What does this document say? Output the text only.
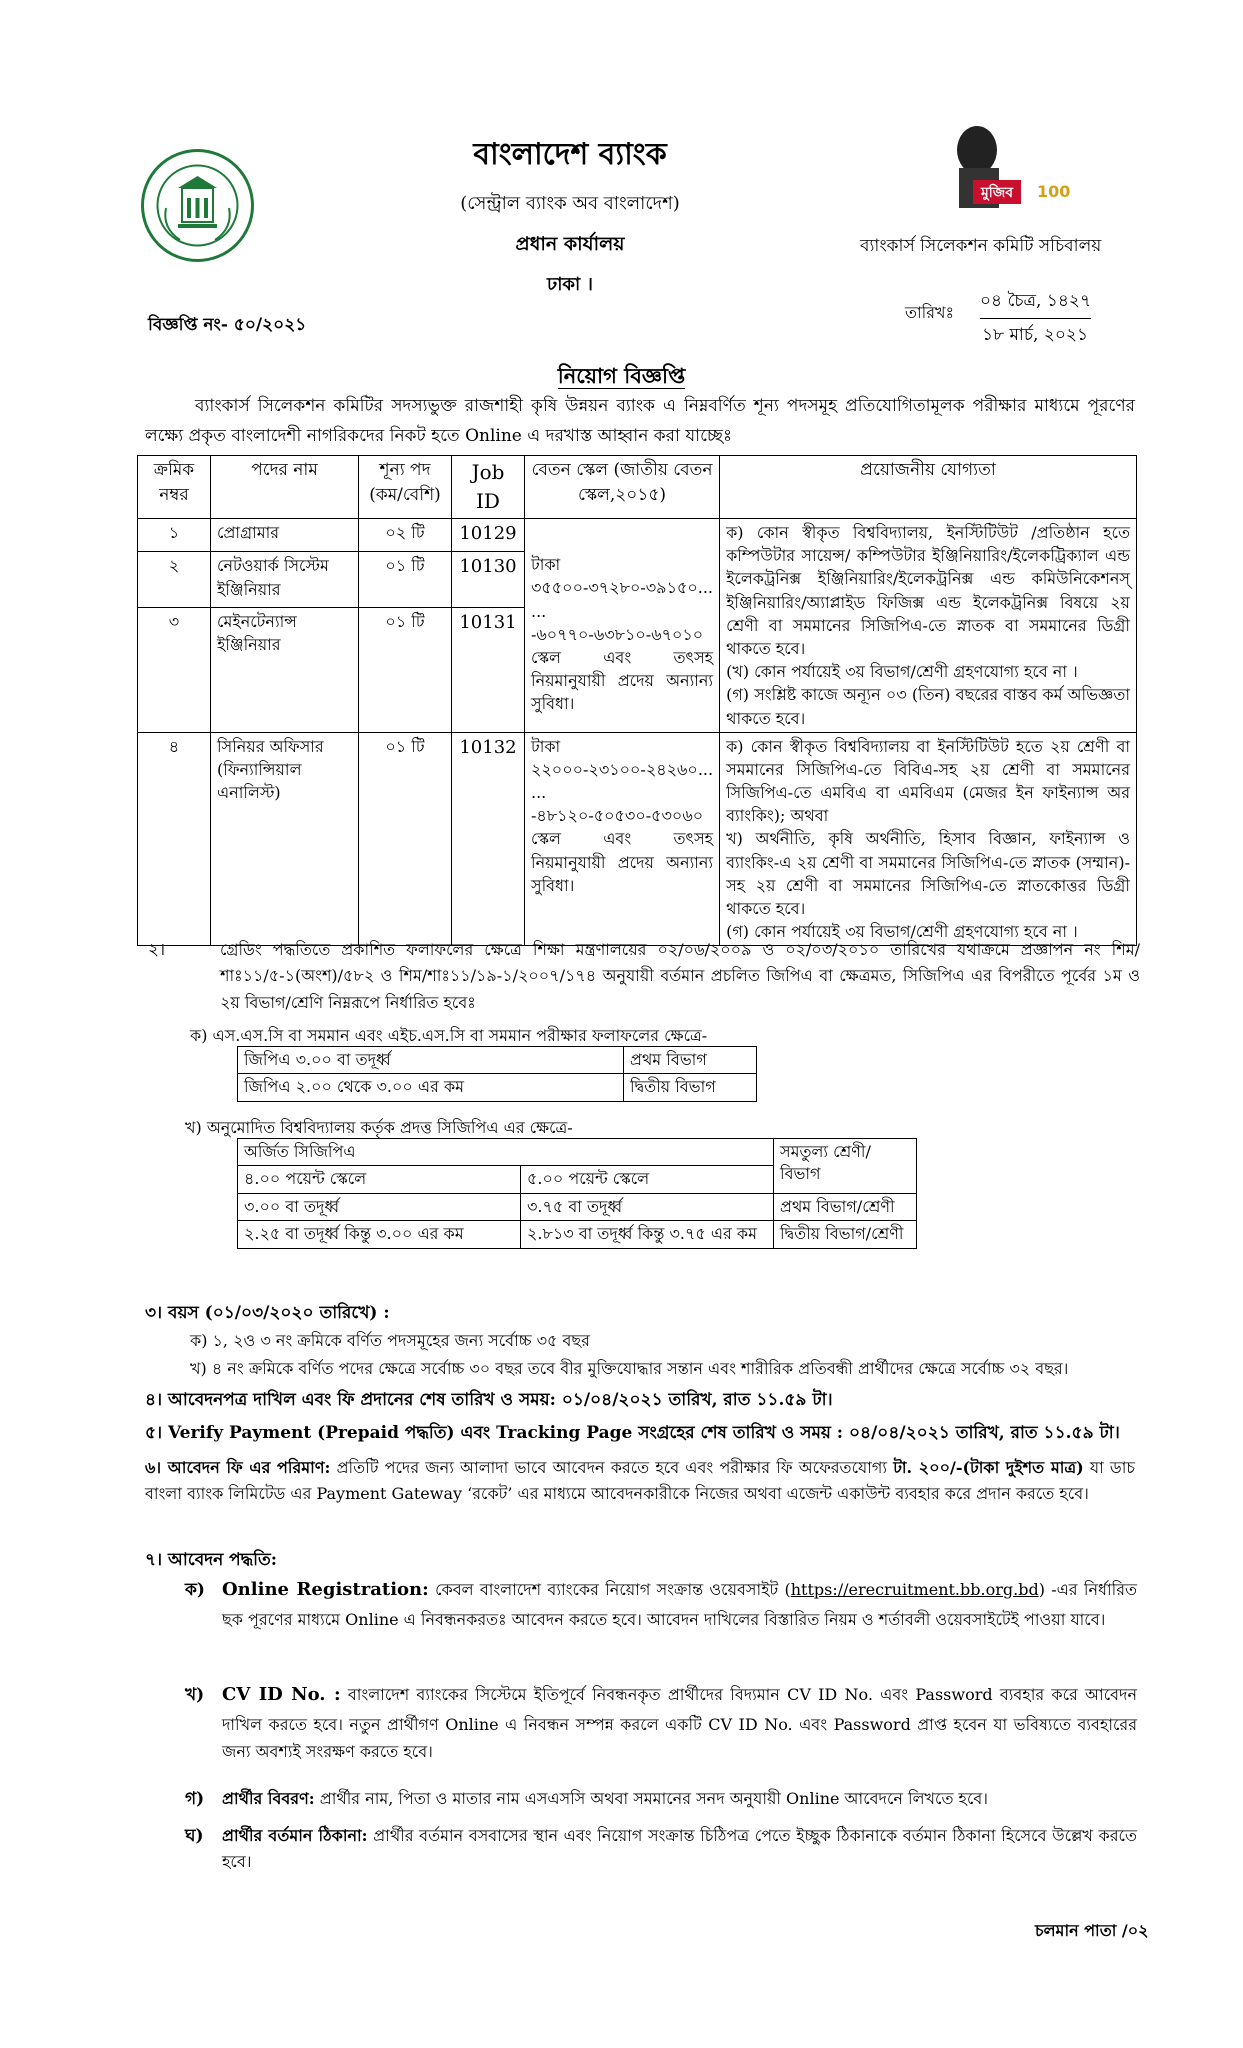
মুজিব 100
বাংলাদেশ ব্যাংক
(সেন্ট্রাল ব্যাংক অব বাংলাদেশ)
প্রধান কার্যালয়
ঢাকা ।
ব্যাংকার্স সিলেকশন কমিটি সচিবালয়
বিজ্ঞপ্তি নং- ৫০/২০২১
তারিখঃ
০৪ চৈত্র, ১৪২৭
১৮ মার্চ, ২০২১
নিয়োগ বিজ্ঞপ্তি
ব্যাংকার্স সিলেকশন কমিটির সদস্যভুক্ত রাজশাহী কৃষি উন্নয়ন ব্যাংক এ নিম্নবর্ণিত শূন্য পদসমূহ প্রতিযোগিতামূলক পরীক্ষার মাধ্যমে পূরণের লক্ষ্যে প্রকৃত বাংলাদেশী নাগরিকদের নিকট হতে Online এ দরখাস্ত আহ্বান করা যাচ্ছেঃ
ক্রমিক নম্বর	পদের নাম	শূন্য পদ (কম/বেশি)	Job ID	বেতন স্কেল (জাতীয় বেতন স্কেল,২০১৫)	প্রয়োজনীয় যোগ্যতা
১	প্রোগ্রামার	০২ টি	10129	টাকা ৩৫৫০০-৩৭২৮০-৩৯১৫০... ... -৬০৭৭০-৬৩৮১০-৬৭০১০ স্কেল এবং তৎসহ নিয়মানুযায়ী প্রদেয় অন্যান্য সুবিধা।	ক) কোন স্বীকৃত বিশ্ববিদ্যালয়, ইনস্টিটিউট /প্রতিষ্ঠান হতে কম্পিউটার সায়েন্স/ কম্পিউটার ইঞ্জিনিয়ারিং/ইলেকট্রিক্যাল এন্ড ইলেকট্রনিক্স ইঞ্জিনিয়ারিং/ইলেকট্রনিক্স এন্ড কমিউনিকেশনস্ ইঞ্জিনিয়ারিং/অ্যাপ্লাইড ফিজিক্স এন্ড ইলেকট্রনিক্স বিষয়ে ২য় শ্রেণী বা সমমানের সিজিপিএ-তে স্নাতক বা সমমানের ডিগ্রী থাকতে হবে।
(খ) কোন পর্যায়েই ৩য় বিভাগ/শ্রেণী গ্রহণযোগ্য হবে না ।
(গ) সংশ্লিষ্ট কাজে অন্যূন ০৩ (তিন) বছরের বাস্তব কর্ম অভিজ্ঞতা থাকতে হবে।

২	নেটওয়ার্ক সিস্টেম ইঞ্জিনিয়ার	০১ টি	10130		
৩	মেইনটেন্যান্স ইঞ্জিনিয়ার	০১ টি	10131		
৪	সিনিয়র অফিসার (ফিন্যান্সিয়াল এনালিস্ট)	০১ টি	10132	টাকা ২২০০০-২৩১০০-২৪২৬০... ... -৪৮১২০-৫০৫৩০-৫৩০৬০ স্কেল এবং তৎসহ নিয়মানুযায়ী প্রদেয় অন্যান্য সুবিধা।	ক) কোন স্বীকৃত বিশ্ববিদ্যালয় বা ইনস্টিটিউট হতে ২য় শ্রেণী বা সমমানের সিজিপিএ-তে বিবিএ-সহ ২য় শ্রেণী বা সমমানের সিজিপিএ-তে এমবিএ বা এমবিএম (মেজর ইন ফাইন্যান্স অর ব্যাংকিং); অথবা
খ) অর্থনীতি, কৃষি অর্থনীতি, হিসাব বিজ্ঞান, ফাইন্যান্স ও ব্যাংকিং-এ ২য় শ্রেণী বা সমমানের সিজিপিএ-তে স্নাতক (সম্মান)-সহ ২য় শ্রেণী বা সমমানের সিজিপিএ-তে স্নাতকোত্তর ডিগ্রী থাকতে হবে।
(গ) কোন পর্যায়েই ৩য় বিভাগ/শ্রেণী গ্রহণযোগ্য হবে না ।
২।	গ্রেডিং পদ্ধতিতে প্রকাশিত ফলাফলের ক্ষেত্রে শিক্ষা মন্ত্রণালয়ের ০২/০৬/২০০৯ ও ০২/০৩/২০১০ তারিখের যথাক্রমে প্রজ্ঞাপন নং শিম/শাঃ১১/৫-১(অংশ)/৫৮২ ও শিম/শাঃ১১/১৯-১/২০০৭/১৭৪ অনুযায়ী বর্তমান প্রচলিত জিপিএ বা ক্ষেত্রমত, সিজিপিএ এর বিপরীতে পূর্বের ১ম ও ২য় বিভাগ/শ্রেণি নিম্নরূপে নির্ধারিত হবেঃ
ক) এস.এস.সি বা সমমান এবং এইচ.এস.সি বা সমমান পরীক্ষার ফলাফলের ক্ষেত্রে-
জিপিএ ৩.০০ বা তদূর্ধ্ব	প্রথম বিভাগ
জিপিএ ২.০০ থেকে ৩.০০ এর কম	দ্বিতীয় বিভাগ
খ) অনুমোদিত বিশ্ববিদ্যালয় কর্তৃক প্রদত্ত সিজিপিএ এর ক্ষেত্রে-
অর্জিত সিজিপিএ		সমতুল্য শ্রেণী/বিভাগ
৪.০০ পয়েন্ট স্কেলে	৫.০০ পয়েন্ট স্কেলে	
৩.০০ বা তদূর্ধ্ব	৩.৭৫ বা তদূর্ধ্ব	প্রথম বিভাগ/শ্রেণী
২.২৫ বা তদূর্ধ্ব কিন্তু ৩.০০ এর কম	২.৮১৩ বা তদূর্ধ্ব কিন্তু ৩.৭৫ এর কম	দ্বিতীয় বিভাগ/শ্রেণী
৩। বয়স (০১/০৩/২০২০ তারিখে) :
ক) ১, ২ও ৩ নং ক্রমিকে বর্ণিত পদসমূহের জন্য সর্বোচ্চ ৩৫ বছর
খ) ৪ নং ক্রমিকে বর্ণিত পদের ক্ষেত্রে সর্বোচ্চ ৩০ বছর তবে বীর মুক্তিযোদ্ধার সন্তান এবং শারীরিক প্রতিবন্ধী প্রার্থীদের ক্ষেত্রে সর্বোচ্চ ৩২ বছর।
৪। আবেদনপত্র দাখিল এবং ফি প্রদানের শেষ তারিখ ও সময়: ০১/০৪/২০২১ তারিখ, রাত ১১.৫৯ টা।
৫। Verify Payment (Prepaid পদ্ধতি) এবং Tracking Page সংগ্রহের শেষ তারিখ ও সময় : ০৪/০৪/২০২১ তারিখ, রাত ১১.৫৯ টা।
৬। আবেদন ফি এর পরিমাণ: প্রতিটি পদের জন্য আলাদা ভাবে আবেদন করতে হবে এবং পরীক্ষার ফি অফেরতযোগ্য টা. ২০০/-(টাকা দুইশত মাত্র) যা ডাচ বাংলা ব্যাংক লিমিটেড এর Payment Gateway ‘রকেট’ এর মাধ্যমে আবেদনকারীকে নিজের অথবা এজেন্ট একাউন্ট ব্যবহার করে প্রদান করতে হবে।
৭। আবেদন পদ্ধতি:
ক) Online Registration: কেবল বাংলাদেশ ব্যাংকের নিয়োগ সংক্রান্ত ওয়েবসাইট (https://erecruitment.bb.org.bd) -এর নির্ধারিত ছক পূরণের মাধ্যমে Online এ নিবন্ধনকরতঃ আবেদন করতে হবে। আবেদন দাখিলের বিস্তারিত নিয়ম ও শর্তাবলী ওয়েবসাইটেই পাওয়া যাবে।
খ) CV ID No. : বাংলাদেশ ব্যাংকের সিস্টেমে ইতিপূর্বে নিবন্ধনকৃত প্রার্থীদের বিদ্যমান CV ID No. এবং Password ব্যবহার করে আবেদন দাখিল করতে হবে। নতুন প্রার্থীগণ Online এ নিবন্ধন সম্পন্ন করলে একটি CV ID No. এবং Password প্রাপ্ত হবেন যা ভবিষ্যতে ব্যবহারের জন্য অবশ্যই সংরক্ষণ করতে হবে।
গ) প্রার্থীর বিবরণ: প্রার্থীর নাম, পিতা ও মাতার নাম এসএসসি অথবা সমমানের সনদ অনুযায়ী Online আবেদনে লিখতে হবে।
ঘ) প্রার্থীর বর্তমান ঠিকানা: প্রার্থীর বর্তমান বসবাসের স্থান এবং নিয়োগ সংক্রান্ত চিঠিপত্র পেতে ইচ্ছুক ঠিকানাকে বর্তমান ঠিকানা হিসেবে উল্লেখ করতে হবে।
চলমান পাতা /০২
